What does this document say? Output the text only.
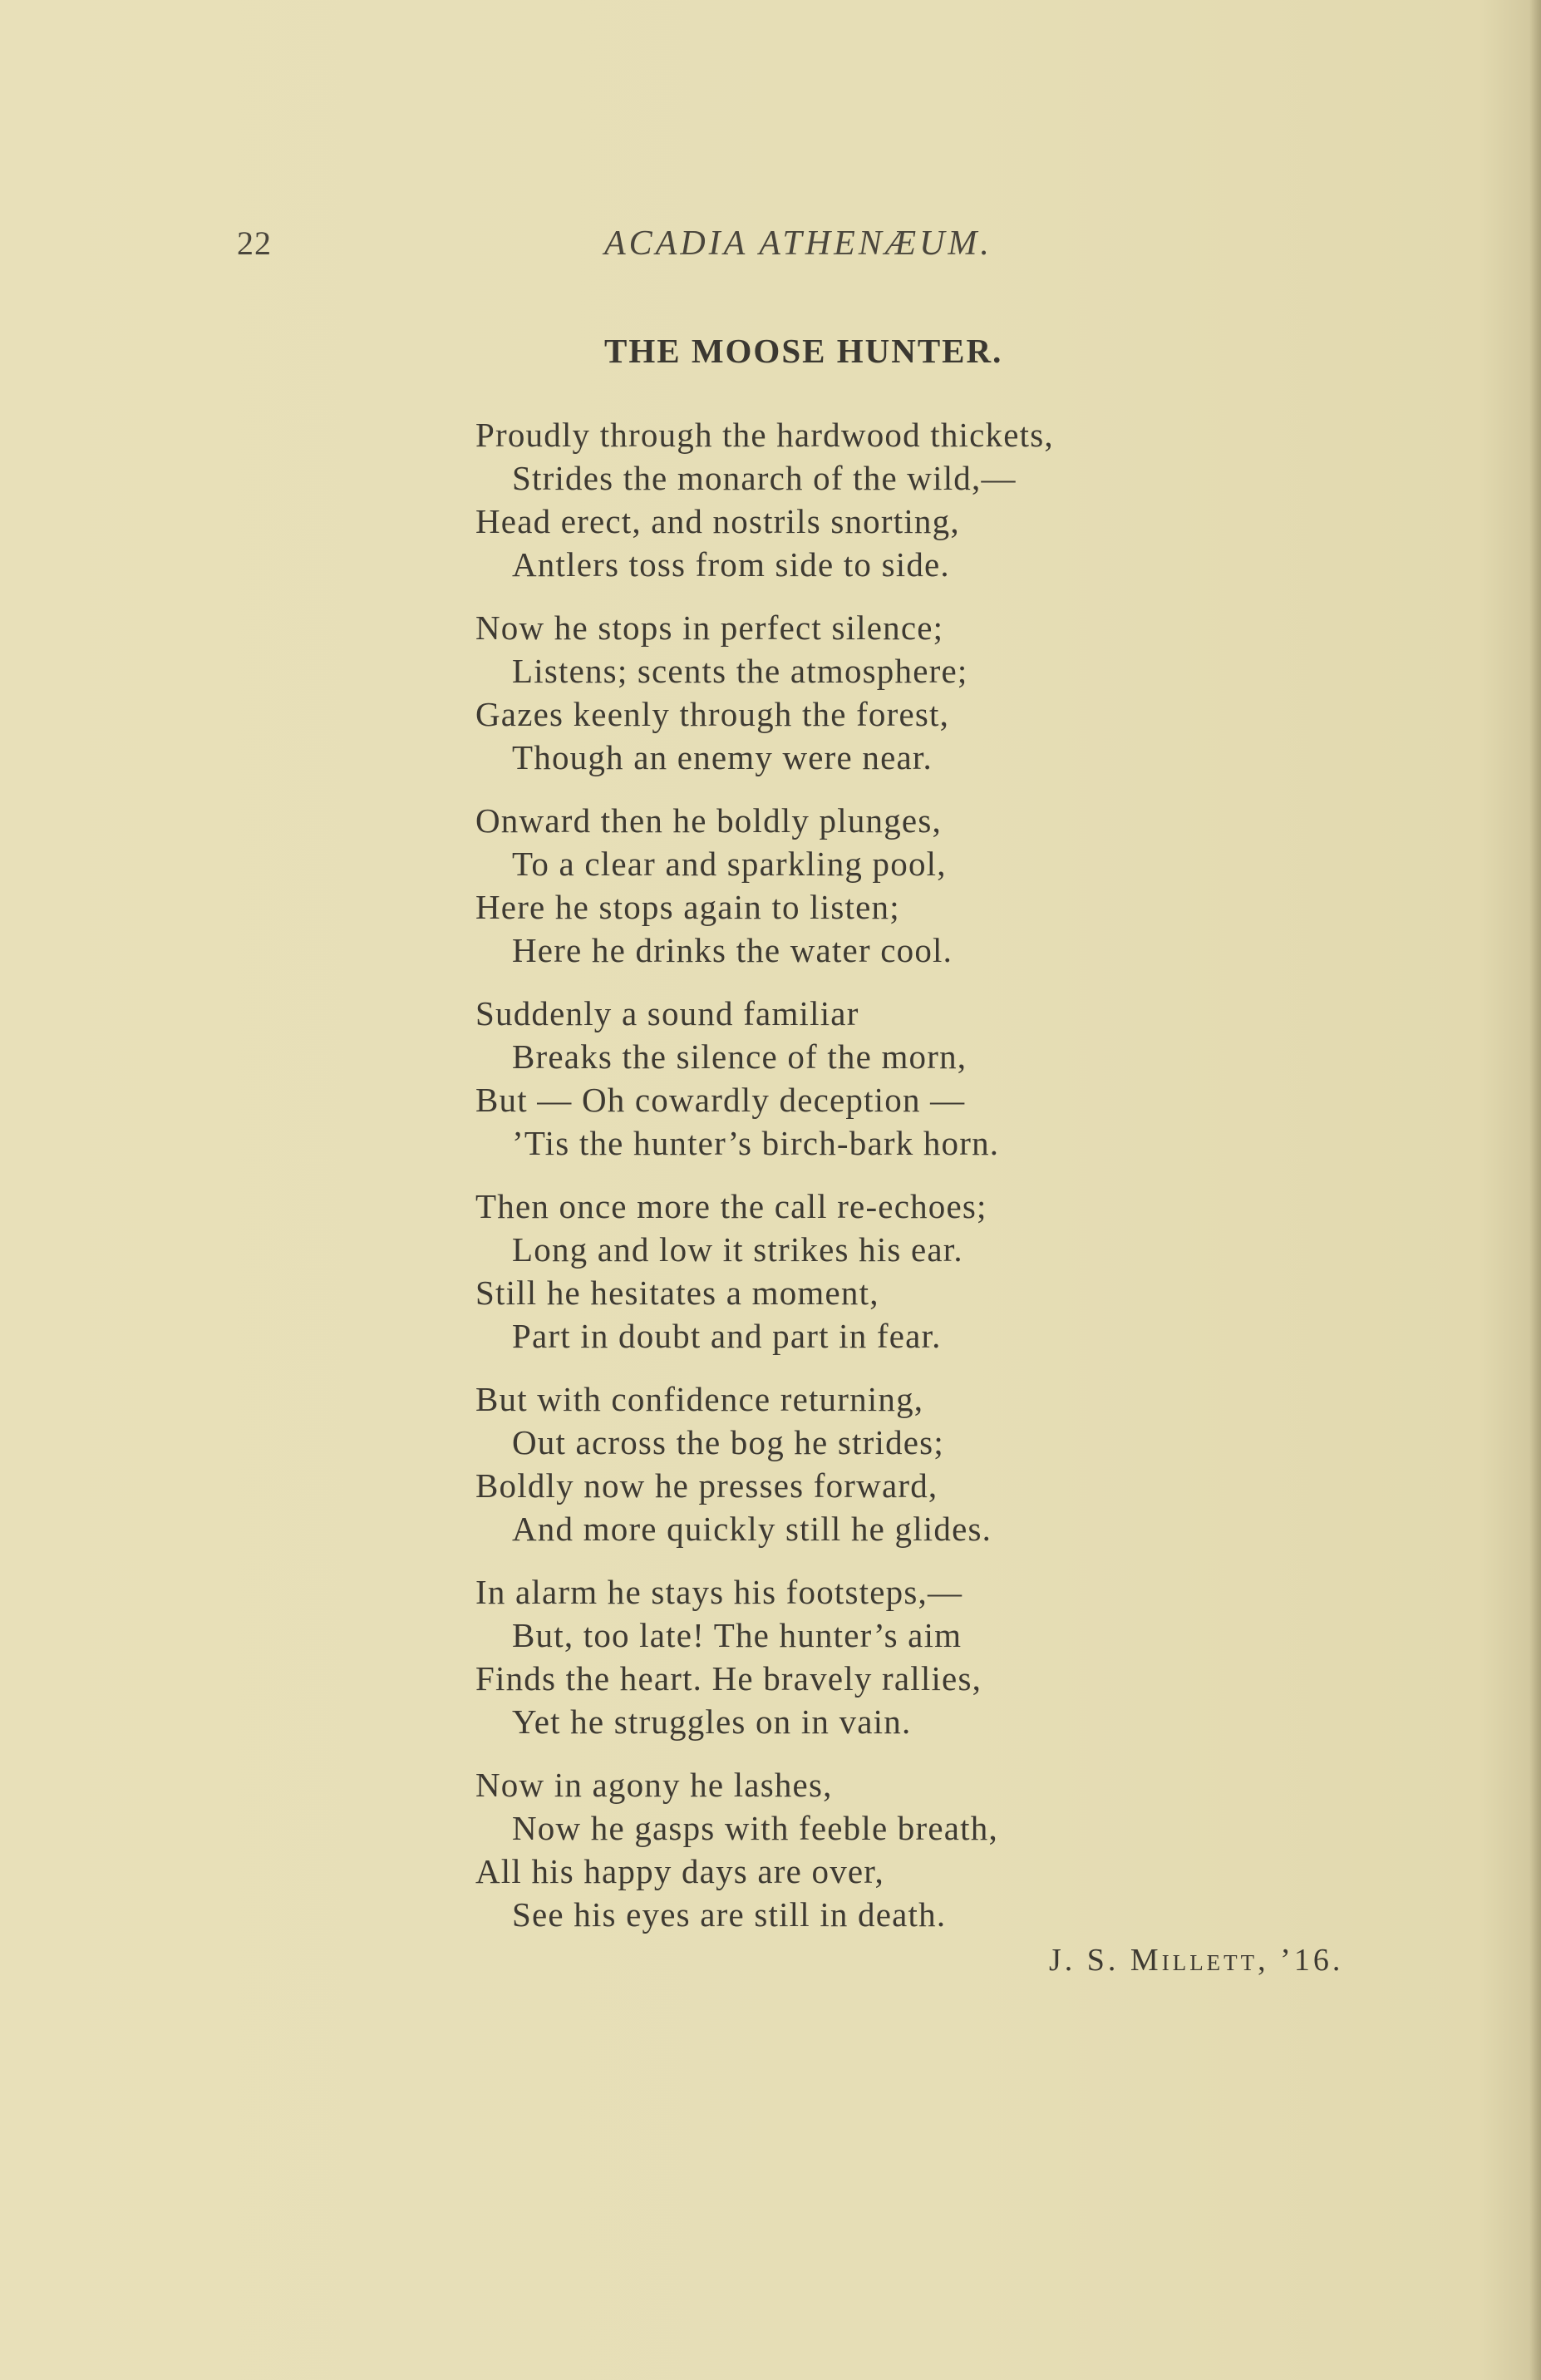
22	ACADIA ATHENÆUM.
THE MOOSE HUNTER.
Proudly through the hardwood thickets,
Strides the monarch of the wild,—
Head erect, and nostrils snorting,
Antlers toss from side to side.
Now he stops in perfect silence;
Listens; scents the atmosphere;
Gazes keenly through the forest,
Though an enemy were near.
Onward then he boldly plunges,
To a clear and sparkling pool,
Here he stops again to listen;
Here he drinks the water cool.
Suddenly a sound familiar
Breaks the silence of the morn,
But — Oh cowardly deception —
’Tis the hunter’s birch-bark horn.
Then once more the call re-echoes;
Long and low it strikes his ear.
Still he hesitates a moment,
Part in doubt and part in fear.
But with confidence returning,
Out across the bog he strides;
Boldly now he presses forward,
And more quickly still he glides.
In alarm he stays his footsteps,—
But, too late! The hunter’s aim
Finds the heart. He bravely rallies,
Yet he struggles on in vain.
Now in agony he lashes,
Now he gasps with feeble breath,
All his happy days are over,
See his eyes are still in death.
J. S. Millett, ’16.
